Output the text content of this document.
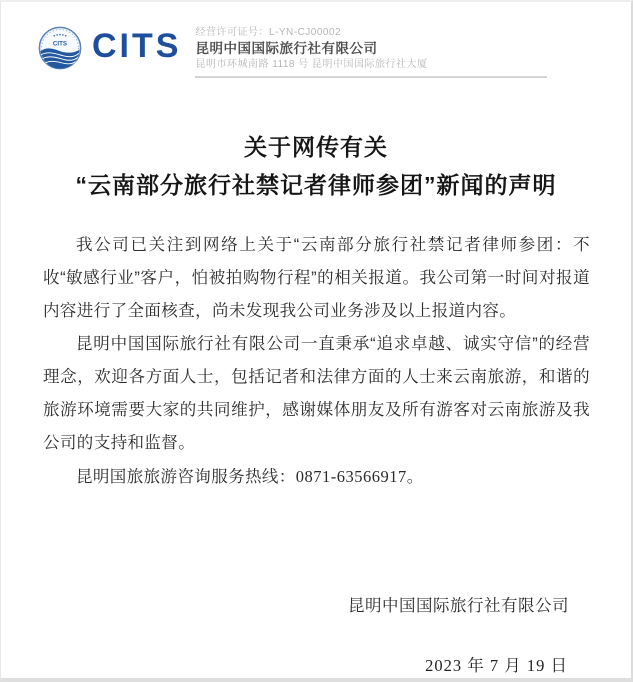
CITS CITS 经营许可证号：L-YN-CJ00002
昆明中国国际旅行社有限公司
昆明市环城南路 1118 号 昆明中国国际旅行社大厦
关于网传有关
“云南部分旅行社禁记者律师参团”新闻的声明

我公司已关注到网络上关于“云南部分旅行社禁记者律师参团：不收“敏感行业”客户，怕被拍购物行程”的相关报道。我公司第一时间对报道内容进行了全面核查，尚未发现我公司业务涉及以上报道内容。

昆明中国国际旅行社有限公司一直秉承“追求卓越、诚实守信”的经营理念，欢迎各方面人士，包括记者和法律方面的人士来云南旅游，和谐的旅游环境需要大家的共同维护，感谢媒体朋友及所有游客对云南旅游及我公司的支持和监督。

昆明国旅旅游咨询服务热线：0871-63566917。

昆明中国国际旅行社有限公司
2023 年 7 月 19 日
